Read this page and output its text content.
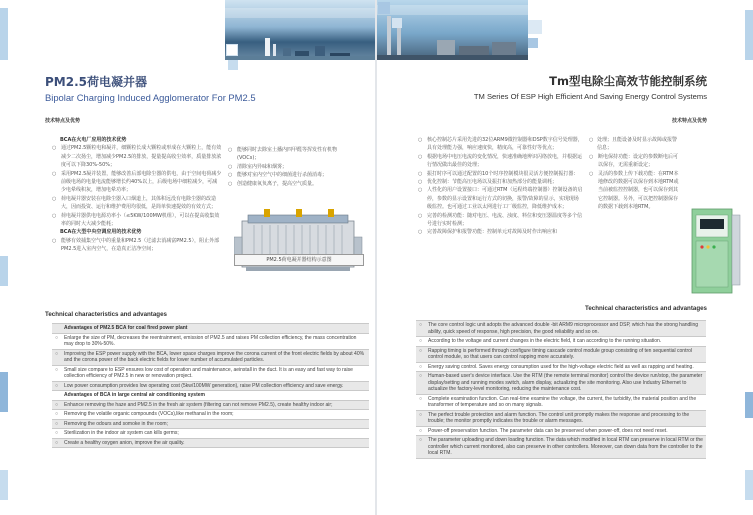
PM2.5荷电凝并器
Bipolar Charging Induced Agglomerator For PM2.5
技术特点及优势
BCA在火电厂应用的技术优势
○ 通过PM2.5颗粒电和凝并，细颗粒长成大颗粒或形成在大颗粒上，能有效减少二次扬尘，增加减少PM2.5的排放，提量提高收尘效率，质量排放浓度可以下降30%-50%；
○ 采用PM2.5凝并装置，能够改善后部电除尘器的供电，由于空间电荷减少前级电场的电量电流能够增长约40%以上，后级电场中细粒减少，可减少电晕线积灰，增加电晕功率；
○ 荷电凝并器安装在电除尘器入口烟道上，其体积远没有电除尘器的改造大，因而投资、运行和维护费用均很低，是简单快速提效的有效方式；
○ 荷电凝并器供电电源功率小（≤5KW/100MW机组），可以在提高收集效率的同时大大减少能耗；
BCA在大型中央空调应用的技术优势
○ 能够有效捕集空气中的重量和PM2.5（过滤去消减富PM2.5），阻止外部PM2.5进入室内空气，在造真正洁净空间；
○ 能够同时去除室土播内四甲醛等挥发性有机物(VOCs)；
○ 清除室内异味和烟雾；
○ 能够对室内空气中的细菌进行杀菌消毒；
○ 创造健康氧负离子，提高空气质量。
PM2.5荷电凝并器结构示意图
Technical characteristics and advantages
Advantages of PM2.5 BCA for coal fired power plant
○ Enlarge the size of PM, decreases the reentrainment, emission of PM2.5 and raises PM collection efficiency, the mass concentration may drop to 30%-50%.
○ Improving the ESP power supply with the BCA, lower space charges improve the corona current of the front electric fields by about 40% and the corona power of the back electric fields for lower number of accumulated particles.
○ Small size compare to ESP ensures low cost of operation and maintenance, aeinstall in the duct. It is an easy and fast way to raise collection efficiency of PM2.5 in new or renovation project.
○ Low power consumption provides low operating cost (5kw/100MW generation), raise PM collection efficiency and save energy.
Advantages of BCA in large central air conditioning system
○ Enhance removing the haze and PM2.5 in the fresh air system (filtering can not remove PM2.5), create healthy indoor air;
○ Removing the volatile organic compounds (VOCs),like methanal in the room;
○ Removing the odours and somoke in the room;
○ Sterilization in the indoor air system can kills germs;
○ Create a healthy oxygen anion, improve the air quality.
Tm型电除尘高效节能控制系统
TM Series Of ESP High Efficient And Saving Energy Control Systems
技术特点及优势
○ 核心控制芯片采用先进的32位ARM9微控制器和DSP数字信号处理器，具有处理能力强，响应速度快，精度高，可靠性好等优点；
○ 根据电场中电压电流的变化情况，快速准确地辨识闪络放电，并根据运行情况做出最佳的处理；
○ 振打时序可以通过配置的10个时序控制模块很灵活方便控制振打器：
○ 优化控制：节能高压电场以及振打和加热部分的能量调耗；
○ 人性化的用户设置接口：可通过RTM（远程终端控制器）控制设备的启停，参数的显示设置和运行方式的切换，报警/故障的显示，实现现场级监控。也可通过工业以太网进行工厂级监控，降低维护成本；
○ 完善的检测功能：随对电压、电流、浊度、料位和变压器温度等多个信号进行实时检测；
○ 完善故障保护和报警功能：控制单元对故障及时作出响应和
○ 处理；且能设备及时显示故障或报警信息；
○ 断电保持功能：设定的参数断电后可以保存，无需重新设定；
○ 灵活的参数上传下载功能：在RTM本地修改的数据可以保存到本地RTM或当前被监控控制器，也可以保存到其它控制器。另外，可以把控制器保存的数据下载到本地RTM。
Technical characteristics and advantages
○ The core control logic unit adopts the advanced double -bit ARM9 microprocessor and DSP, which has the strong handling ability, quick speed of response, high precision, the good reliability and so on.
○ According to the voltage and current changes in the electric field, it can according to the running situation.
○ Rapping timing is performed through configure timing cascade control module group consisting of ten sequential control control module, so that users can control rapping more accurately.
○ Energy saving control. Saves energy consumption used for the high-voltage electric field as well as rapping and heating.
○ Human-based user's device interface. Use the RTM (the remote terminal monitor) control the device run/stop, the parameter display/setting and running modes switch, alarm display, actualizing the site monitoring. Also use Industry Ethernet to actualize the factory-level monitoring, reducing the maintenance cost.
○ Complete examination function. Can real-time examine the voltage, the current, the turbidity, the material position and the transformer of temperature and so on many signals.
○ The perfect trouble protection and alarm function. The control unit promptly makes the response and processing to the trouble; the monitor promptly indicates the trouble or alarm messages.
○ Power-off preservation function. The parameter data can be preserved when power-off, does not need reset.
○ The parameter uploading and down loading function. The data which modified in local RTM can preserve in local RTM or the controller which current monitored, also can preserve in other controllers. Moreover, can down data from the controller to the local RTM.
